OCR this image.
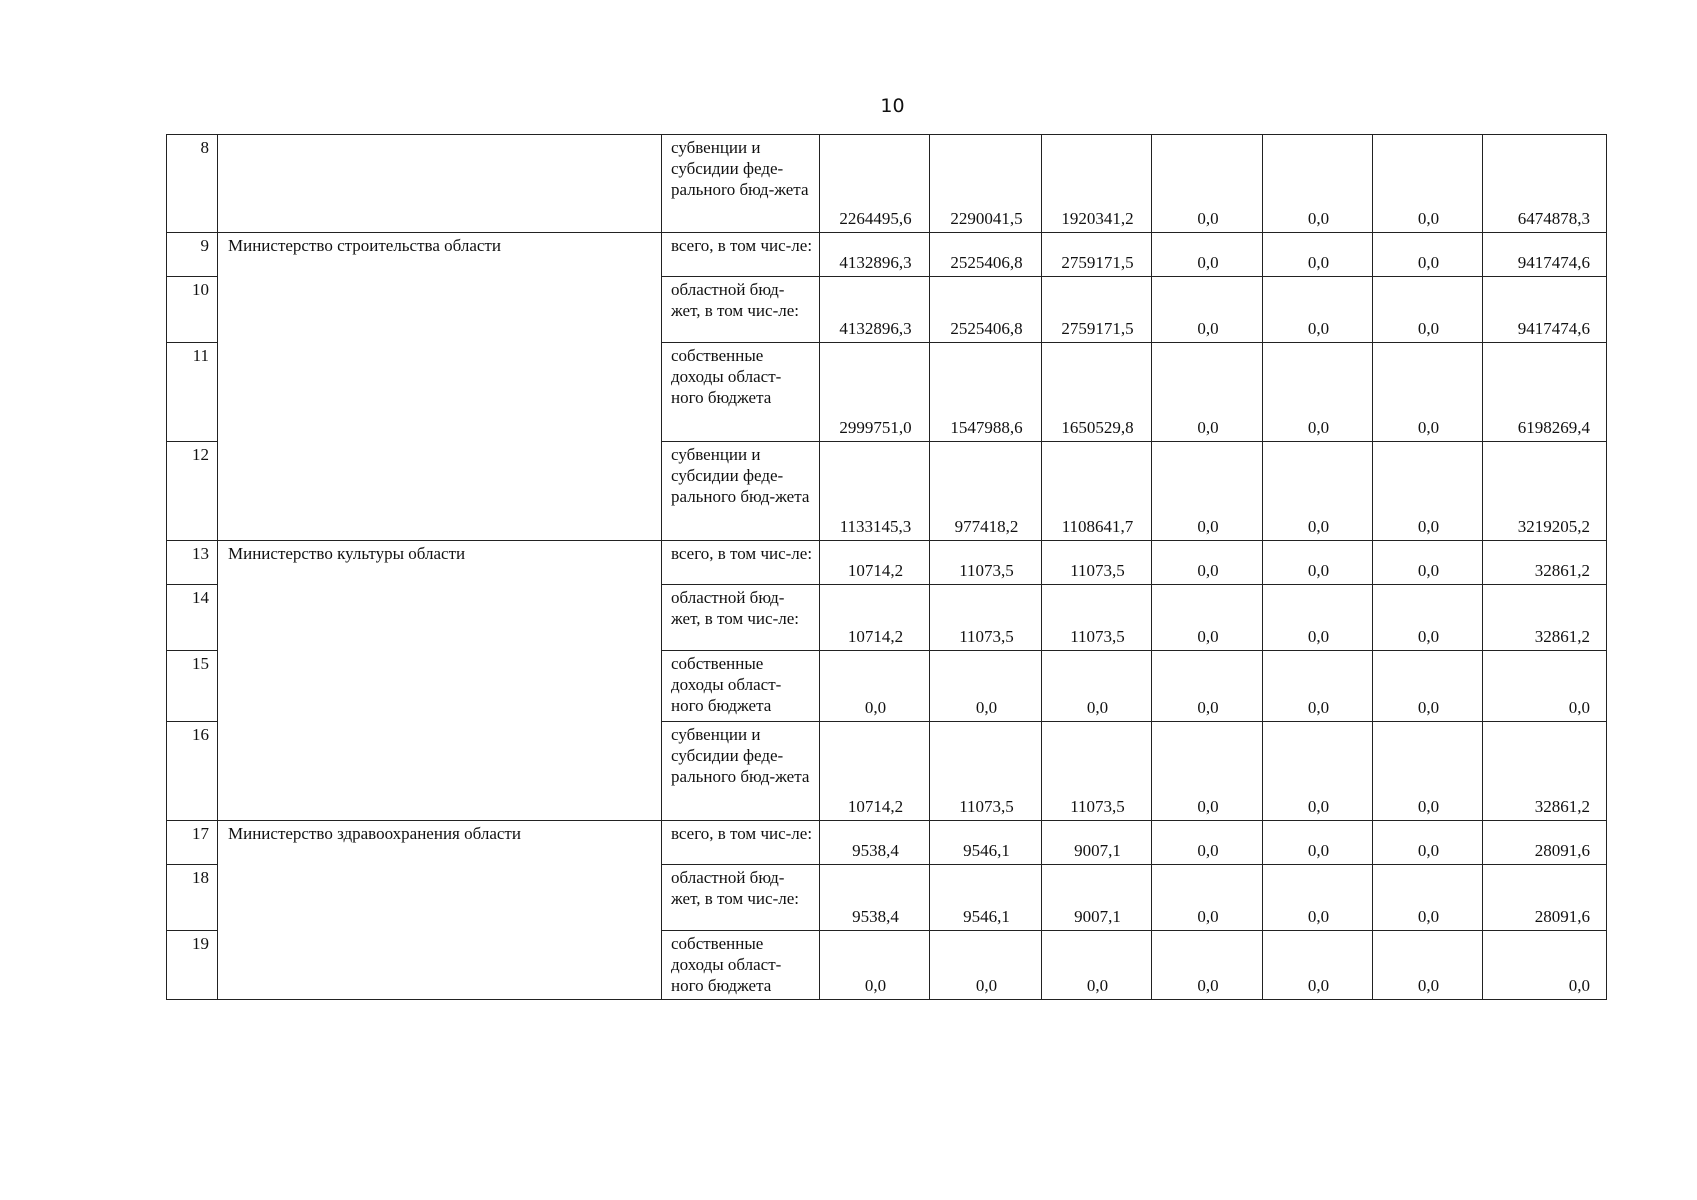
10
8		субвенции и субсидии феде-ральноrо бюд-жета	2264495,6	2290041,5	1920341,2	0,0	0,0	0,0	6474878,3
9	Министерство строительства области	всего, в том чис-ле:	4132896,3	2525406,8	2759171,5	0,0	0,0	0,0	9417474,6
10		областной бюд-жет, в том чис-ле:	4132896,3	2525406,8	2759171,5	0,0	0,0	0,0	9417474,6
11		собственные доходы област-ного бюджета	2999751,0	1547988,6	1650529,8	0,0	0,0	0,0	6198269,4
12		субвенции и субсидии феде-рального бюд-жета	1133145,3	977418,2	1108641,7	0,0	0,0	0,0	3219205,2
13	Министерство культуры области	всего, в том чис-ле:	10714,2	11073,5	11073,5	0,0	0,0	0,0	32861,2
14		областной бюд-жет, в том чис-ле:	10714,2	11073,5	11073,5	0,0	0,0	0,0	32861,2
15		собственные доходы област-ного бюджета	0,0	0,0	0,0	0,0	0,0	0,0	0,0
16		субвенции и субсидии феде-рального бюд-жета	10714,2	11073,5	11073,5	0,0	0,0	0,0	32861,2
17	Министерство здравоохранения области	всего, в том чис-ле:	9538,4	9546,1	9007,1	0,0	0,0	0,0	28091,6
18		областной бюд-жет, в том чис-ле:	9538,4	9546,1	9007,1	0,0	0,0	0,0	28091,6
19		собственные доходы област-ного бюджета	0,0	0,0	0,0	0,0	0,0	0,0	0,0
